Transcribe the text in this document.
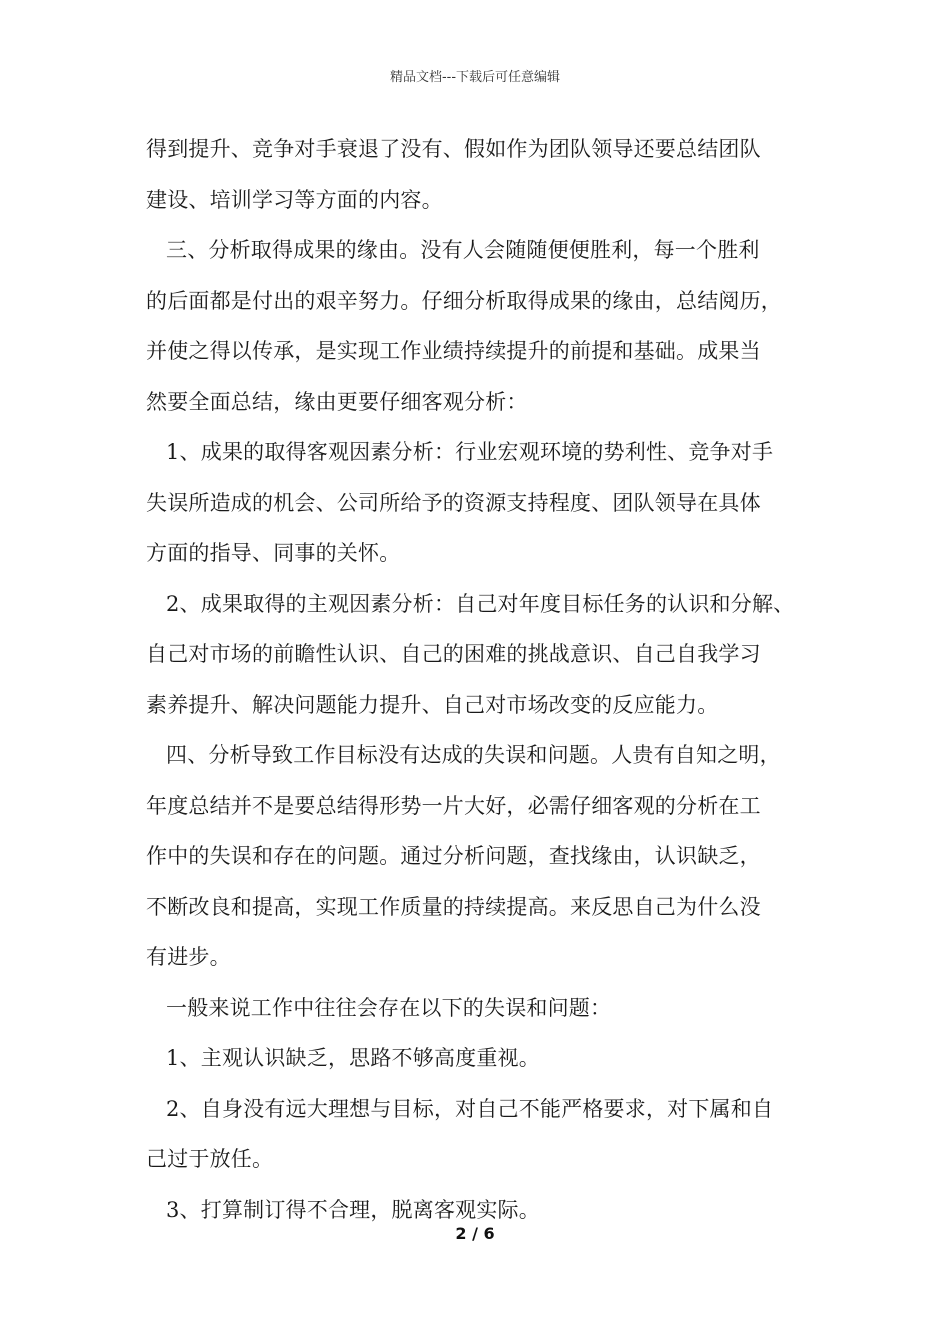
精品文档---下载后可任意编辑
得到提升、竞争对手衰退了没有、假如作为团队领导还要总结团队
建设、培训学习等方面的内容。
三、分析取得成果的缘由。没有人会随随便便胜利，每一个胜利
的后面都是付出的艰辛努力。仔细分析取得成果的缘由，总结阅历，
并使之得以传承，是实现工作业绩持续提升的前提和基础。成果当
然要全面总结，缘由更要仔细客观分析：
1、成果的取得客观因素分析：行业宏观环境的势利性、竞争对手
失误所造成的机会、公司所给予的资源支持程度、团队领导在具体
方面的指导、同事的关怀。
2、成果取得的主观因素分析：自己对年度目标任务的认识和分解、
自己对市场的前瞻性认识、自己的困难的挑战意识、自己自我学习
素养提升、解决问题能力提升、自己对市场改变的反应能力。
四、分析导致工作目标没有达成的失误和问题。人贵有自知之明，
年度总结并不是要总结得形势一片大好，必需仔细客观的分析在工
作中的失误和存在的问题。通过分析问题，查找缘由，认识缺乏，
不断改良和提高，实现工作质量的持续提高。来反思自己为什么没
有进步。
一般来说工作中往往会存在以下的失误和问题：
1、主观认识缺乏，思路不够高度重视。
2、自身没有远大理想与目标，对自己不能严格要求，对下属和自
己过于放任。
3、打算制订得不合理，脱离客观实际。
2 / 6
